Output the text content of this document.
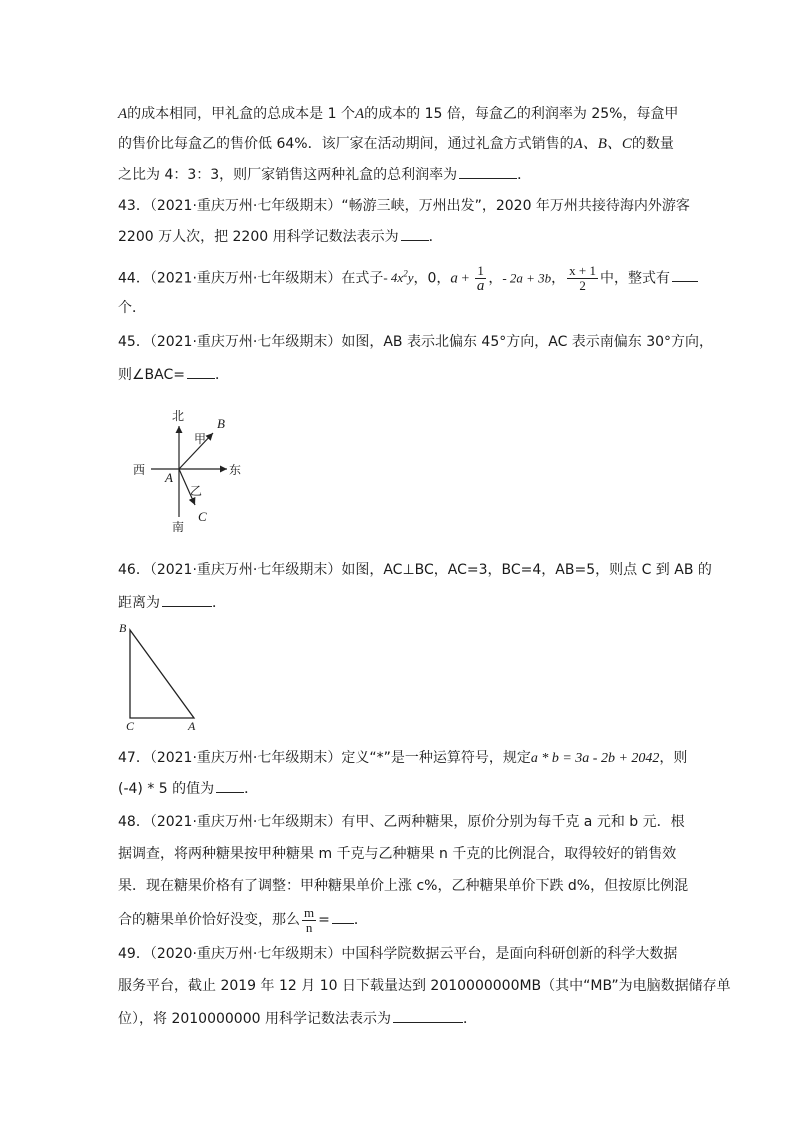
A的成本相同，甲礼盒的总成本是 1 个A的成本的 15 倍，每盒乙的利润率为 25%，每盒甲
的售价比每盒乙的售价低 64%．该厂家在活动期间，通过礼盒方式销售的A、B、C的数量
之比为 4：3：3，则厂家销售这两种礼盒的总利润率为	．
43．（2021·重庆万州·七年级期末）“畅游三峡，万州出发”，2020 年万州共接待海内外游客
2200 万人次，把 2200 用科学记数法表示为 ．
44．（2021·重庆万州·七年级期末）在式子- $4x^2y$，0，$a + \frac{1}{a}$ ，- 2a + 3b， $\frac{x + 1}{2}$ 中，整式有
个．
45．（2021·重庆万州·七年级期末）如图，AB 表示北偏东 45°方向，AC 表示南偏东 30°方向，
则∠BAC= ．
北
南
东
西 A
B
C
甲
乙
46．（2021·重庆万州·七年级期末）如图，AC⊥BC，AC=3，BC=4，AB=5，则点 C 到 AB 的
距离为	．
B
C	A
47．（2021·重庆万州·七年级期末）定义“*”是一种运算符号，规定a * b = 3a - 2b + 2042，则
(-4) * 5 的值为 ．
48．（2021·重庆万州·七年级期末）有甲、乙两种糖果，原价分别为每千克 a 元和 b 元．根
据调查，将两种糖果按甲种糖果 m 千克与乙种糖果 n 千克的比例混合，取得较好的销售效
果．现在糖果价格有了调整：甲种糖果单价上涨 c%，乙种糖果单价下跌 d%，但按原比例混
合的糖果单价恰好没变，那么 $\frac{m}{n}$ = ．
49．（2020·重庆万州·七年级期末）中国科学院数据云平台，是面向科研创新的科学大数据
服务平台，截止 2019 年 12 月 10 日下载量达到 2010000000MB（其中“MB”为电脑数据储存单
位），将 2010000000 用科学记数法表示为	．
